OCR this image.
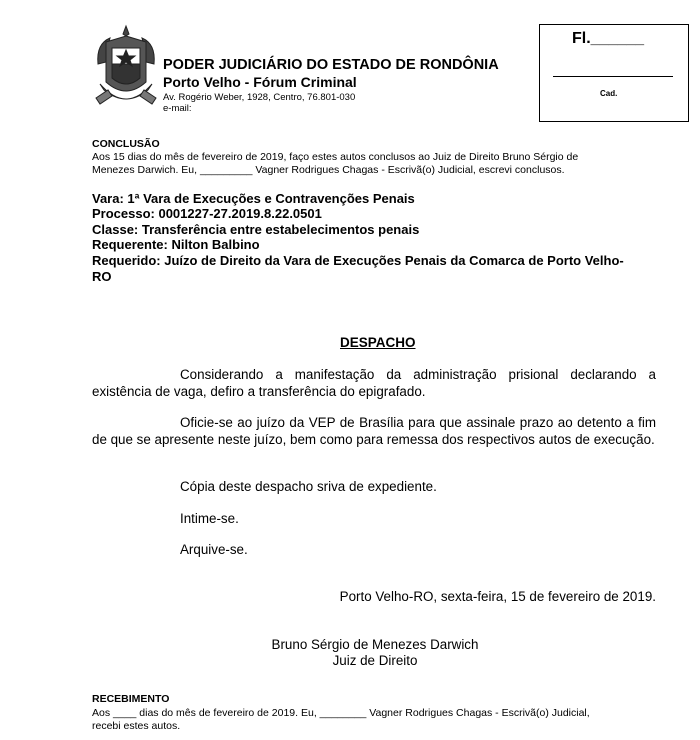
PODER JUDICIÁRIO DO ESTADO DE RONDÔNIA
Porto Velho - Fórum Criminal
Av. Rogério Weber, 1928, Centro, 76.801-030
e-mail:
Fl.______
Cad.
CONCLUSÃO
Aos 15 dias do mês de fevereiro de 2019, faço estes autos conclusos ao Juiz de Direito Bruno Sérgio de
Menezes Darwich. Eu, _________ Vagner Rodrigues Chagas - Escrivã(o) Judicial, escrevi conclusos.
Vara: 1ª Vara de Execuções e Contravenções Penais
Processo: 0001227-27.2019.8.22.0501
Classe: Transferência entre estabelecimentos penais
Requerente: Nilton Balbino
Requerido: Juízo de Direito da Vara de Execuções Penais da Comarca de Porto Velho-
RO
DESPACHO
Considerando a manifestação da administração prisional declarando a existência de vaga, defiro a transferência do epigrafado.
Oficie-se ao juízo da VEP de Brasília para que assinale prazo ao detento a fim de que se apresente neste juízo, bem como para remessa dos respectivos autos de execução.
Cópia deste despacho sriva de expediente.
Intime-se.
Arquive-se.
Porto Velho-RO, sexta-feira, 15 de fevereiro de 2019.
Bruno Sérgio de Menezes Darwich
Juiz de Direito
RECEBIMENTO
Aos ____ dias do mês de fevereiro de 2019. Eu, ________ Vagner Rodrigues Chagas - Escrivã(o) Judicial,
recebi estes autos.
